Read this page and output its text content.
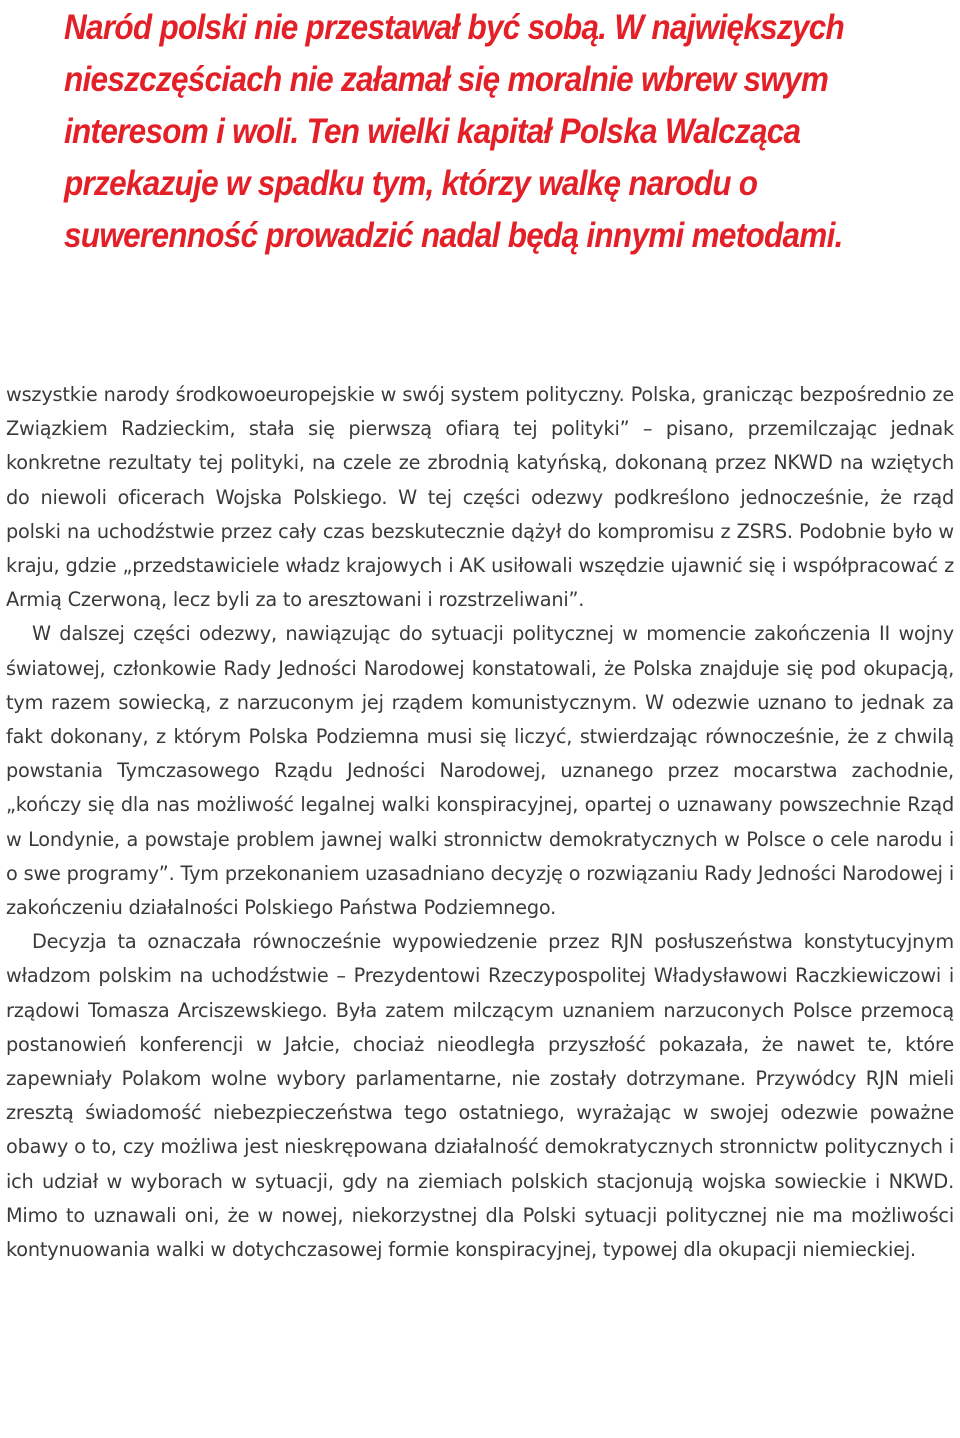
Naród polski nie przestawał być sobą. W największych nieszczęściach nie załamał się moralnie wbrew swym interesom i woli. Ten wielki kapitał Polska Walcząca przekazuje w spadku tym, którzy walkę narodu o suwerenność prowadzić nadal będą innymi metodami.

wszystkie narody środkowoeuropejskie w swój system polityczny. Polska, granicząc bezpośrednio ze Związkiem Radzieckim, stała się pierwszą ofiarą tej polityki” – pisano, przemilczając jednak konkretne rezultaty tej polityki, na czele ze zbrodnią katyńską, dokonaną przez NKWD na wziętych do niewoli oficerach Wojska Polskiego. W tej części odezwy podkreślono jednocześnie, że rząd polski na uchodźstwie przez cały czas bezskutecznie dążył do kompromisu z ZSRS. Podobnie było w kraju, gdzie „przedstawiciele władz krajowych i AK usiłowali wszędzie ujawnić się i współpracować z Armią Czerwoną, lecz byli za to aresztowani i rozstrzeliwani”.

W dalszej części odezwy, nawiązując do sytuacji politycznej w momencie zakończenia II wojny światowej, członkowie Rady Jedności Narodowej konstatowali, że Polska znajduje się pod okupacją, tym razem sowiecką, z narzuconym jej rządem komunistycznym. W odezwie uznano to jednak za fakt dokonany, z którym Polska Podziemna musi się liczyć, stwierdzając równocześnie, że z chwilą powstania Tymczasowego Rządu Jedności Narodowej, uznanego przez mocarstwa zachodnie, „kończy się dla nas możliwość legalnej walki konspiracyjnej, opartej o uznawany powszechnie Rząd w Londynie, a powstaje problem jawnej walki stronnictw demokratycznych w Polsce o cele narodu i o swe programy”. Tym przekonaniem uzasadniano decyzję o rozwiązaniu Rady Jedności Narodowej i zakończeniu działalności Polskiego Państwa Podziemnego.

Decyzja ta oznaczała równocześnie wypowiedzenie przez RJN posłuszeństwa konstytucyjnym władzom polskim na uchodźstwie – Prezydentowi Rzeczypospolitej Władysławowi Raczkiewiczowi i rządowi Tomasza Arciszewskiego. Była zatem milczącym uznaniem narzuconych Polsce przemocą postanowień konferencji w Jałcie, chociaż nieodległa przyszłość pokazała, że nawet te, które zapewniały Polakom wolne wybory parlamentarne, nie zostały dotrzymane. Przywódcy RJN mieli zresztą świadomość niebezpieczeństwa tego ostatniego, wyrażając w swojej odezwie poważne obawy o to, czy możliwa jest nieskrępowana działalność demokratycznych stronnictw politycznych i ich udział w wyborach w sytuacji, gdy na ziemiach polskich stacjonują wojska sowieckie i NKWD. Mimo to uznawali oni, że w nowej, niekorzystnej dla Polski sytuacji politycznej nie ma możliwości kontynuowania walki w dotychczasowej formie konspiracyjnej, typowej dla okupacji niemieckiej.
